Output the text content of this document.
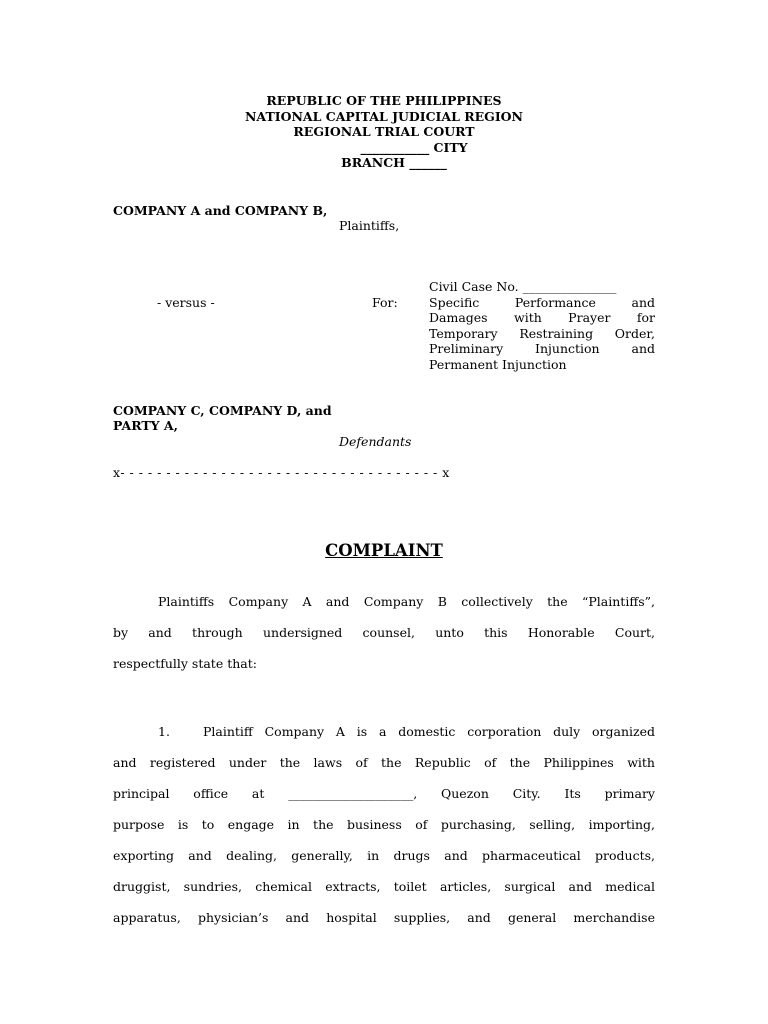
REPUBLIC OF THE PHILIPPINES
NATIONAL CAPITAL JUDICIAL REGION
REGIONAL TRIAL COURT
___________ CITY
BRANCH ______
COMPANY A and COMPANY B,
Plaintiffs,
- versus -	For:
Civil Case No. _______________
Specific Performance and
Damages with Prayer for
Temporary Restraining Order,
Preliminary Injunction and
Permanent Injunction
COMPANY C, COMPANY D, and
PARTY A,
Defendants
x- - - - - - - - - - - - - - - - - - - - - - - - - - - - - - - - - - - x
COMPLAINT
Plaintiffs Company A and Company B collectively the “Plaintiffs”,
by and through undersigned counsel, unto this Honorable Court,
respectfully state that:
1.	Plaintiff Company A is a domestic corporation duly organized
and registered under the laws of the Republic of the Philippines with
principal office at ____________________, Quezon City. Its primary
purpose is to engage in the business of purchasing, selling, importing,
exporting and dealing, generally, in drugs and pharmaceutical products,
druggist, sundries, chemical extracts, toilet articles, surgical and medical
apparatus, physician’s and hospital supplies, and general merchandise
